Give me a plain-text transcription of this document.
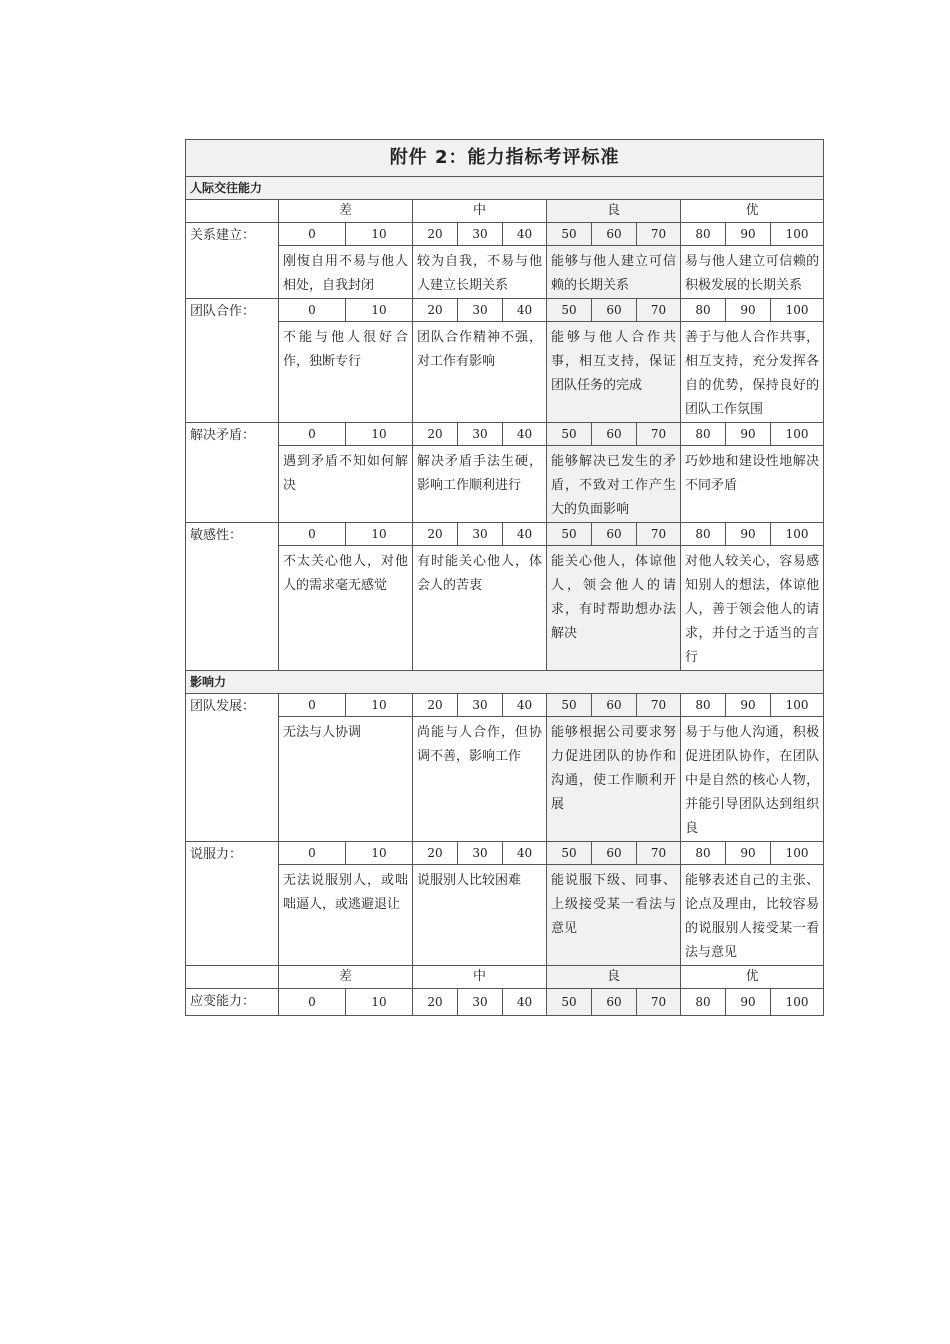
附件 2：能力指标考评标准											
人际交往能力											
	差		中			良			优		
关系建立：	0	10	20	30	40	50	60	70	80	90	100
	刚愎自用不易与他人相处，自我封闭		较为自我，不易与他人建立长期关系			能够与他人建立可信赖的长期关系			易与他人建立可信赖的积极发展的长期关系		
团队合作：	0	10	20	30	40	50	60	70	80	90	100
	不能与他人很好合作，独断专行		团队合作精神不强，对工作有影响			能够与他人合作共事，相互支持，保证团队任务的完成			善于与他人合作共事，相互支持，充分发挥各自的优势，保持良好的团队工作氛围		
解决矛盾：	0	10	20	30	40	50	60	70	80	90	100
	遇到矛盾不知如何解决		解决矛盾手法生硬，影响工作顺利进行			能够解决已发生的矛盾，不致对工作产生大的负面影响			巧妙地和建设性地解决不同矛盾		
敏感性：	0	10	20	30	40	50	60	70	80	90	100
	不太关心他人，对他人的需求毫无感觉		有时能关心他人，体会人的苦衷			能关心他人，体谅他人，领会他人的请求，有时帮助想办法解决			对他人较关心，容易感知别人的想法，体谅他人，善于领会他人的请求，并付之于适当的言行		
影响力											
团队发展：	0	10	20	30	40	50	60	70	80	90	100
	无法与人协调		尚能与人合作，但协调不善，影响工作			能够根据公司要求努力促进团队的协作和沟通，使工作顺利开展			易于与他人沟通，积极促进团队协作，在团队中是自然的核心人物，并能引导团队达到组织良		
说服力：	0	10	20	30	40	50	60	70	80	90	100
	无法说服别人，或咄咄逼人，或逃避退让		说服别人比较困难			能说服下级、同事、上级接受某一看法与意见			能够表述自己的主张、论点及理由，比较容易的说服别人接受某一看法与意见		
	差		中			良			优		
应变能力：	0	10	20	30	40	50	60	70	80	90	100
